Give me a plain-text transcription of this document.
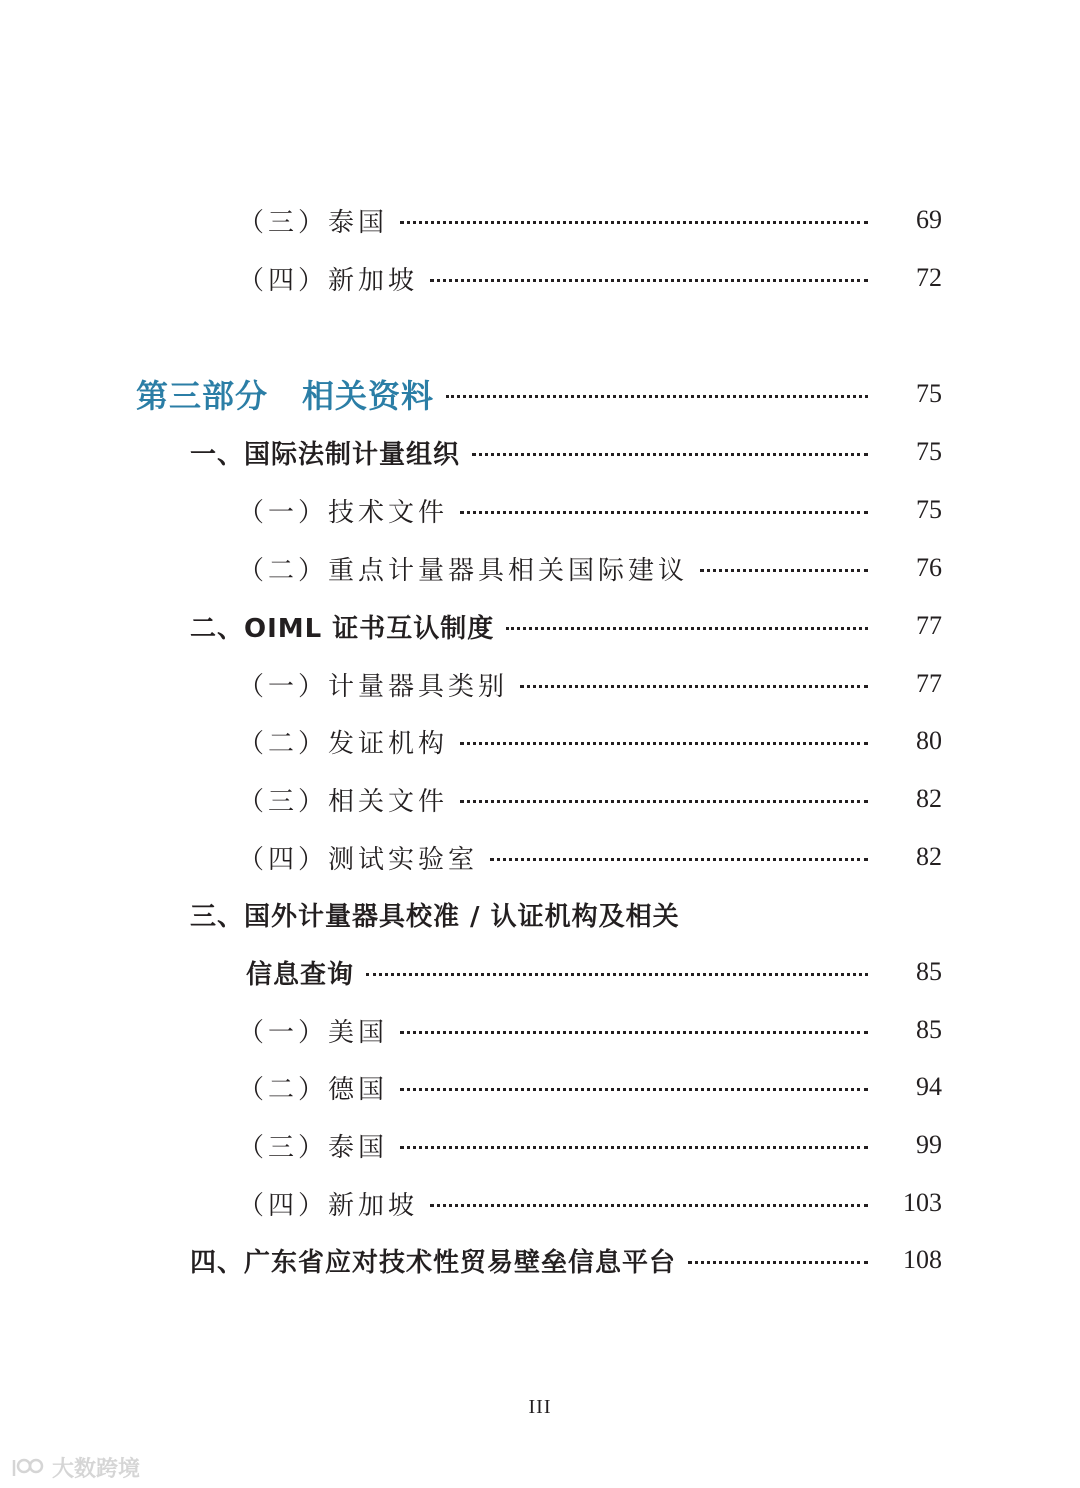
（三）泰国	69
（四）新加坡	72
第三部分 相关资料	75
一、国际法制计量组织	75
（一）技术文件	75
（二）重点计量器具相关国际建议	76
二、OIML 证书互认制度	77
（一）计量器具类别	77
（二）发证机构	80
（三）相关文件	82
（四）测试实验室	82
三、国外计量器具校准 / 认证机构及相关
信息查询	85
（一）美国	85
（二）德国	94
（三）泰国	99
（四）新加坡	103
四、广东省应对技术性贸易壁垒信息平台	108
III
大数跨境
